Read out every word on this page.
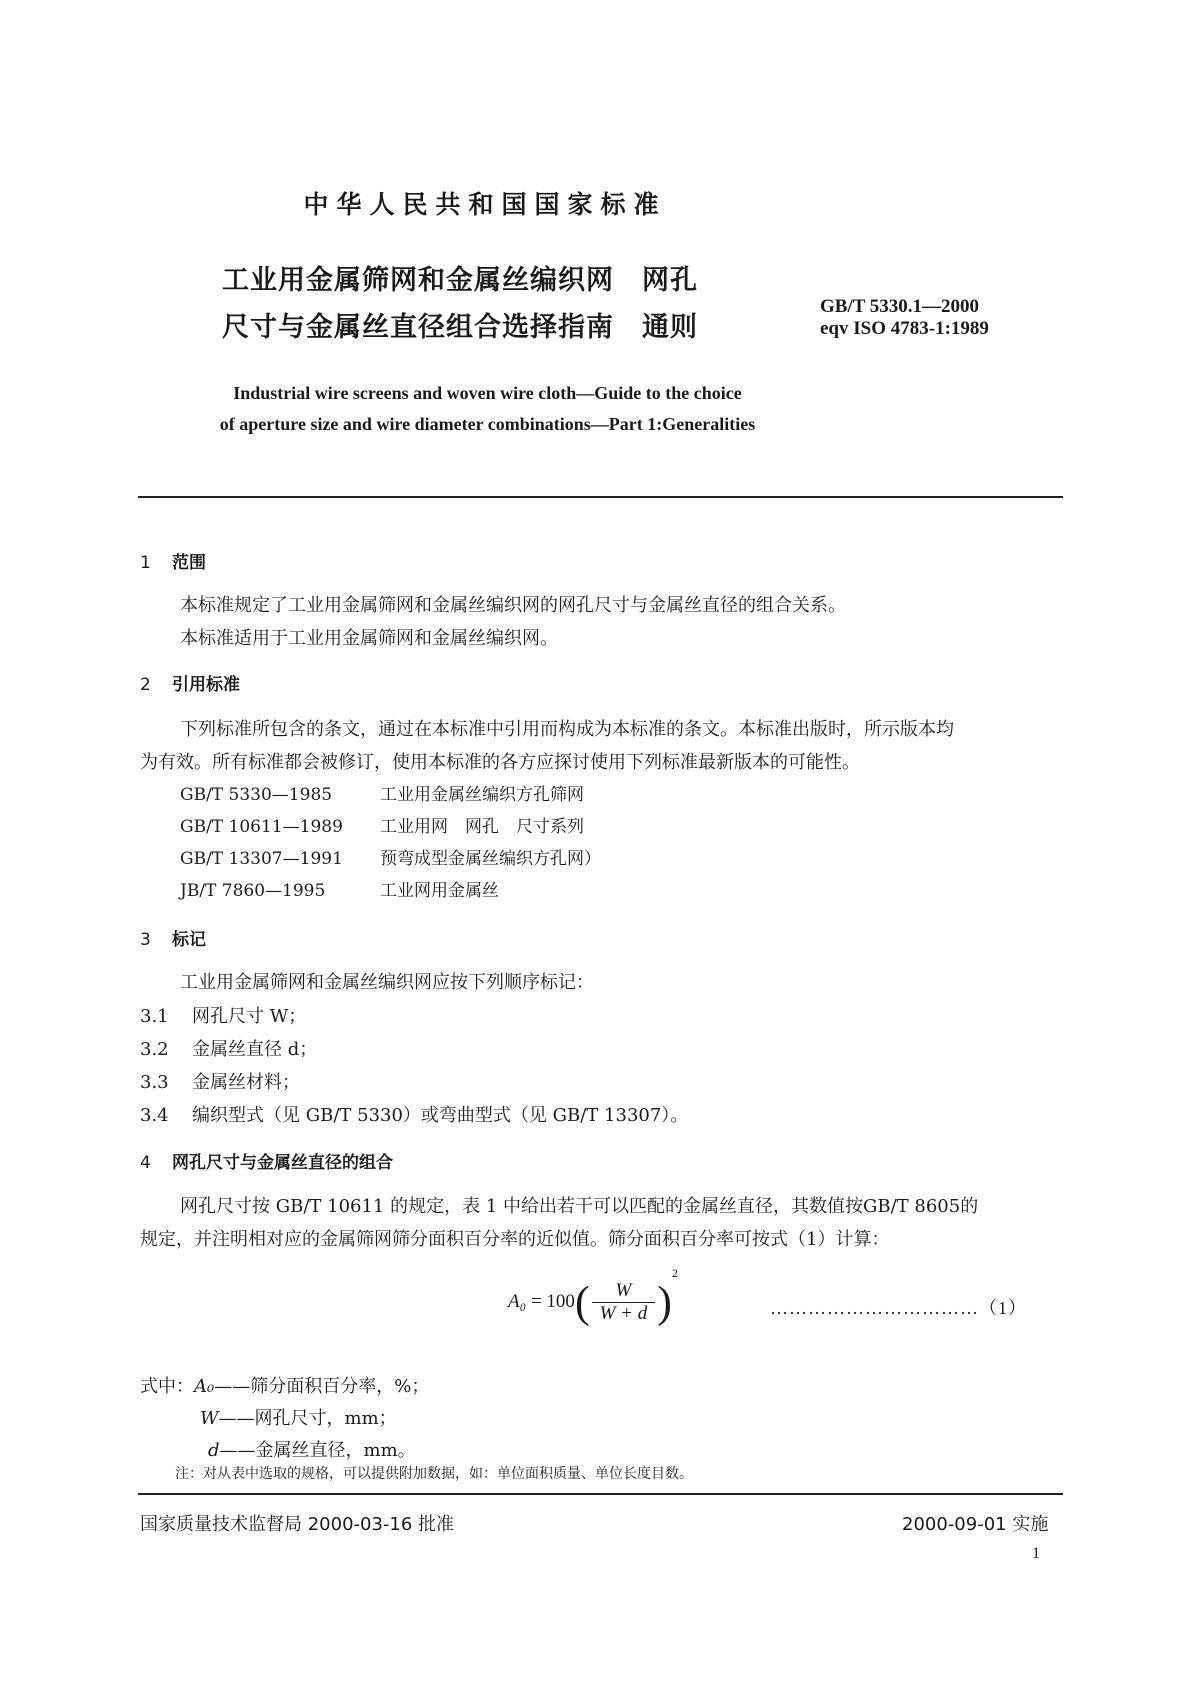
中华人民共和国国家标准
工业用金属筛网和金属丝编织网　网孔
尺寸与金属丝直径组合选择指南　通则
GB/T 5330.1—2000
eqv ISO 4783-1:1989
Industrial wire screens and woven wire cloth—Guide to the choice
of aperture size and wire diameter combinations—Part 1:Generalities
1 范围
本标准规定了工业用金属筛网和金属丝编织网的网孔尺寸与金属丝直径的组合关系。
本标准适用于工业用金属筛网和金属丝编织网。
2 引用标准
下列标准所包含的条文，通过在本标准中引用而构成为本标准的条文。本标准出版时，所示版本均
为有效。所有标准都会被修订，使用本标准的各方应探讨使用下列标准最新版本的可能性。
GB/T 5330—1985	工业用金属丝编织方孔筛网
GB/T 10611—1989 工业用网　网孔　尺寸系列
GB/T 13307—1991 预弯成型金属丝编织方孔网）
JB/T 7860—1995	工业网用金属丝
3 标记
工业用金属筛网和金属丝编织网应按下列顺序标记：
3.1 网孔尺寸 W；
3.2 金属丝直径 d；
3.3 金属丝材料；
3.4 编织型式（见 GB/T 5330）或弯曲型式（见 GB/T 13307）。
4 网孔尺寸与金属丝直径的组合
网孔尺寸按 GB/T 10611 的规定，表 1 中给出若干可以匹配的金属丝直径，其数值按GB/T 8605的
规定，并注明相对应的金属筛网筛分面积百分率的近似值。筛分面积百分率可按式（1）计算：
$A_0 = 100( \frac{W}{W + d} )^2$
……………………………（1）
式中：A₀——筛分面积百分率，%；
W——网孔尺寸，mm；
d——金属丝直径，mm。
注：对从表中选取的规格，可以提供附加数据，如：单位面积质量、单位长度目数。
国家质量技术监督局 2000-03-16 批准	2000-09-01 实施
1
